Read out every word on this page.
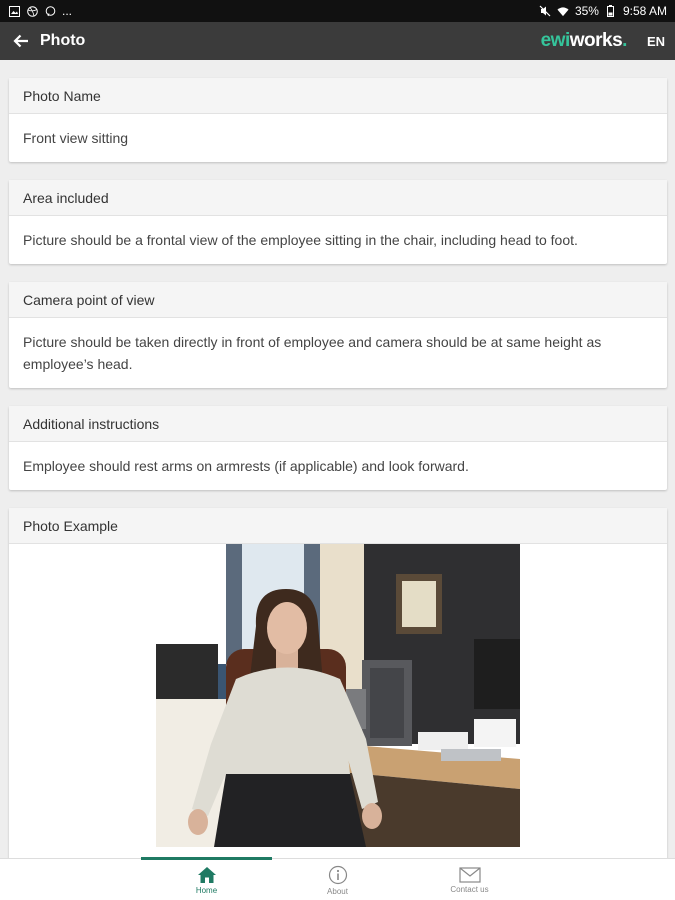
...	35% 9:58 AM
Photo	ewi works . EN
Photo Name
Front view sitting
Area included
Picture should be a frontal view of the employee sitting in the chair, including head to foot.
Camera point of view
Picture should be taken directly in front of employee and camera should be at same height as employee’s head.
Additional instructions
Employee should rest arms on armrests (if applicable) and look forward.
Photo Example
Home	About	Contact us
